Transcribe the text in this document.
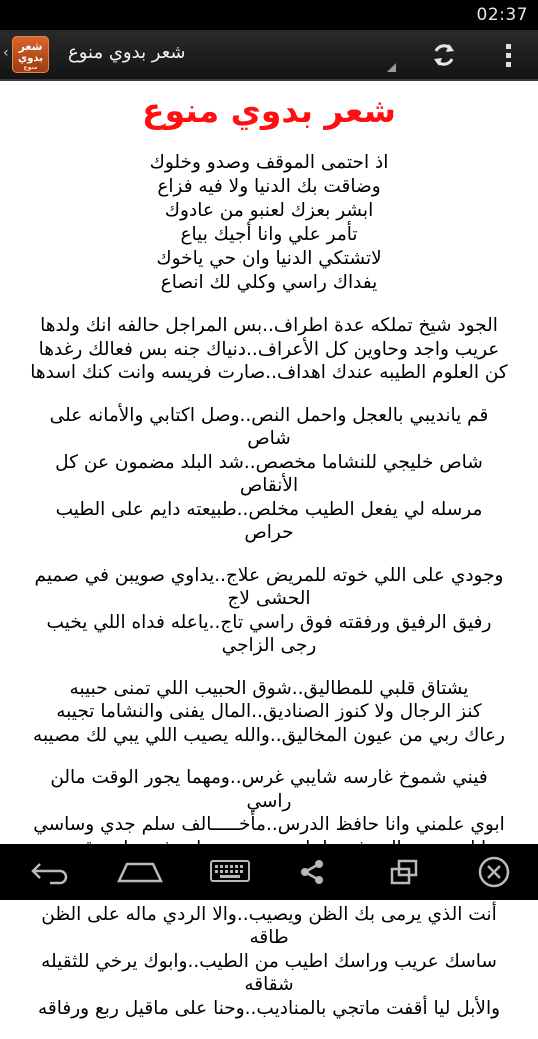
02:37
‹ شعر
بدوي
منوع
شعر بدوي منوع
شعر بدوي منوع
اذ احتمى الموقف وصدو وخلوك
وضاقت بك الدنيا ولا فيه فزاع
ابشر بعزك لعنبو من عادوك
تأمر علي وانا أجيك بياع
لاتشتكي الدنيا وان حي ياخوك
يفداك راسي وكلي لك انصاع
الجود شيخ تملكه عدة اطراف..بس المراجل حالفه انك ولدها
عريب واجد وحاوين كل الأعراف..دنياك جنه بس فعالك رغدها
كن العلوم الطيبه عندك اهداف..صارت فريسه وانت كنك اسدها
قم يانديبي بالعجل واحمل النص..وصل اكتابي والأمانه على شاص
شاص خليجي للنشاما مخصص..شد البلد مضمون عن كل الأنقاص
مرسله لي يفعل الطيب مخلص..طبيعته دايم على الطيب حراص
وجودي على اللي خوته للمريض علاج..يداوي صويبن في صميم الحشى لاج
رفيق الرفيق ورفقته فوق راسي تاج..ياعله فداه اللي يخيب رجى الزاجي
يشتاق قلبي للمطاليق..شوق الحبيب اللي تمنى حبيبه
كنز الرجال ولا كنوز الصناديق..المال يفنى والنشاما تجيبه
رعاك ربي من عيون المخاليق..والله يصيب اللي يبي لك مصيبه
فيني شموخ غارسه شايبي غرس..ومهما يجور الوقت مالن راسي
ابوي علمني وانا حافظ الدرس..مأخـــــالف سلم جدي وساسي
أنت الذي يرمى بك الظن ويصيب..والا الردي ماله على الظن طاقه
ساسك عريب وراسك اطيب من الطيب..وابوك يرخي للثقيله شقاقه
والأبل ليا أقفت ماتجي بالمناديب..وحنا على ماقيل ربع ورفاقه
